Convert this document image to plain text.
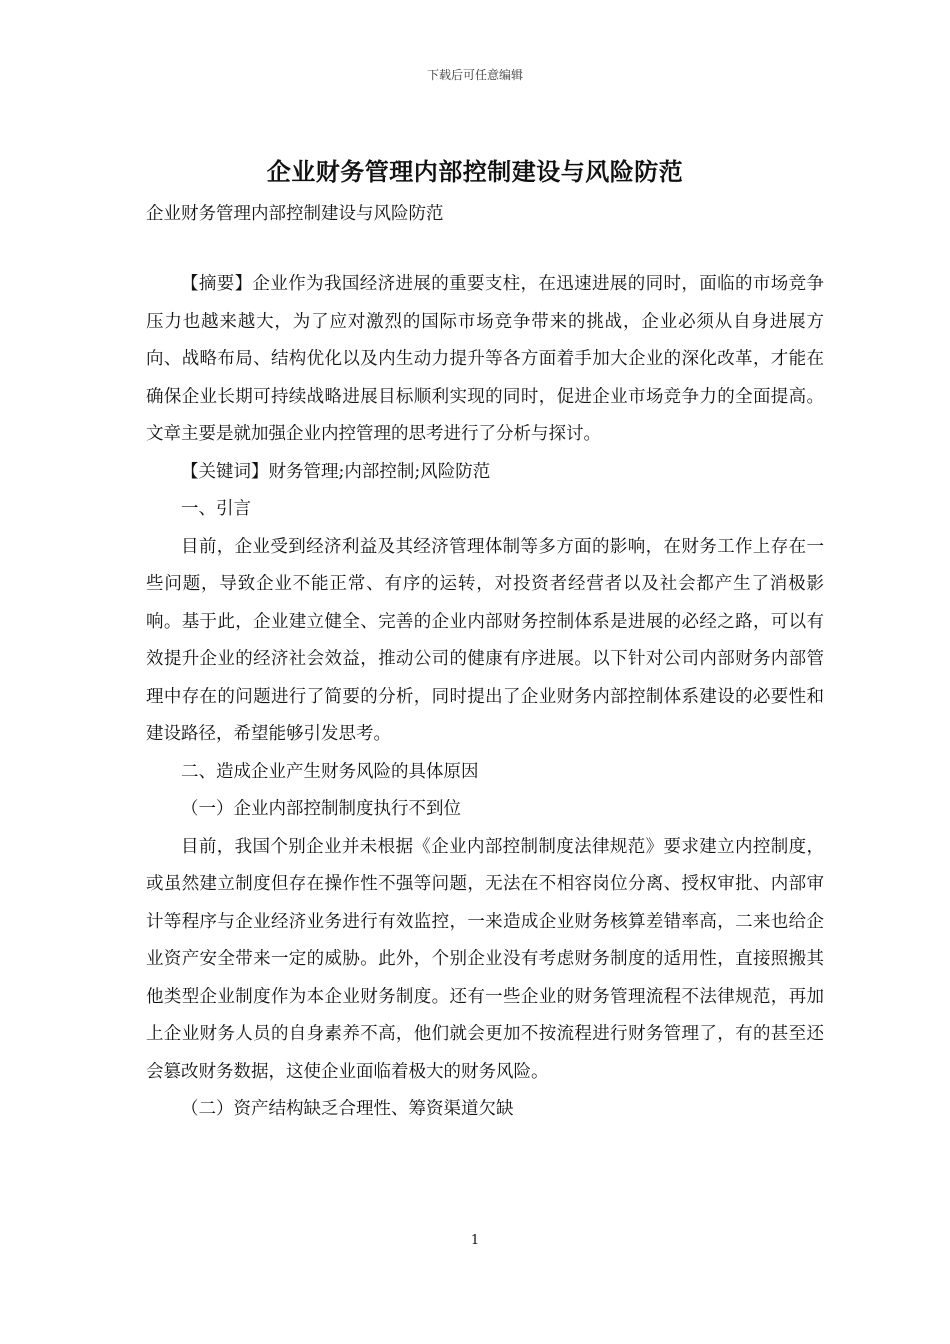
下载后可任意编辑
企业财务管理内部控制建设与风险防范
企业财务管理内部控制建设与风险防范

【摘要】企业作为我国经济进展的重要支柱，在迅速进展的同时，面临的市场竞争压力也越来越大，为了应对激烈的国际市场竞争带来的挑战，企业必须从自身进展方向、战略布局、结构优化以及内生动力提升等各方面着手加大企业的深化改革，才能在确保企业长期可持续战略进展目标顺利实现的同时，促进企业市场竞争力的全面提高。文章主要是就加强企业内控管理的思考进行了分析与探讨。

【关键词】财务管理;内部控制;风险防范

一、引言

目前，企业受到经济利益及其经济管理体制等多方面的影响，在财务工作上存在一些问题，导致企业不能正常、有序的运转，对投资者经营者以及社会都产生了消极影响。基于此，企业建立健全、完善的企业内部财务控制体系是进展的必经之路，可以有效提升企业的经济社会效益，推动公司的健康有序进展。以下针对公司内部财务内部管理中存在的问题进行了简要的分析，同时提出了企业财务内部控制体系建设的必要性和建设路径，希望能够引发思考。

二、造成企业产生财务风险的具体原因

（一）企业内部控制制度执行不到位

目前，我国个别企业并未根据《企业内部控制制度法律规范》要求建立内控制度，或虽然建立制度但存在操作性不强等问题，无法在不相容岗位分离、授权审批、内部审计等程序与企业经济业务进行有效监控，一来造成企业财务核算差错率高，二来也给企业资产安全带来一定的威胁。此外，个别企业没有考虑财务制度的适用性，直接照搬其他类型企业制度作为本企业财务制度。还有一些企业的财务管理流程不法律规范，再加上企业财务人员的自身素养不高，他们就会更加不按流程进行财务管理了，有的甚至还会篡改财务数据，这使企业面临着极大的财务风险。

（二）资产结构缺乏合理性、筹资渠道欠缺

1
